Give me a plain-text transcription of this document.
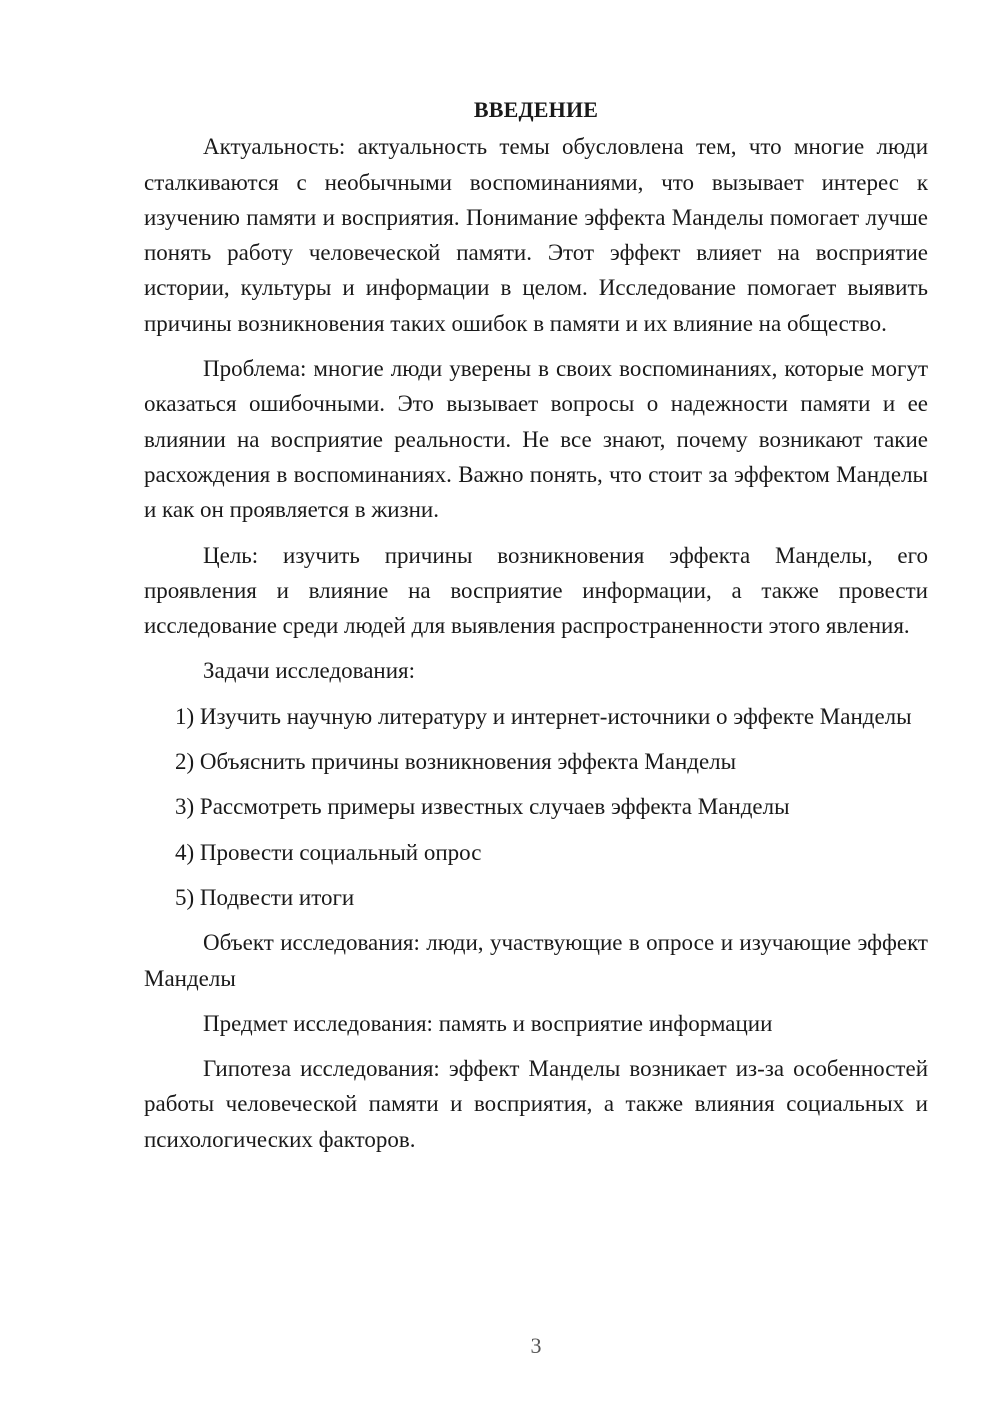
ВВЕДЕНИЕ

Актуальность: актуальность темы обусловлена тем, что многие люди сталкиваются с необычными воспоминаниями, что вызывает интерес к изучению памяти и восприятия. Понимание эффекта Манделы помогает лучше понять работу человеческой памяти. Этот эффект влияет на восприятие истории, культуры и информации в целом. Исследование помогает выявить причины возникновения таких ошибок в памяти и их влияние на общество.

Проблема: многие люди уверены в своих воспоминаниях, которые могут оказаться ошибочными. Это вызывает вопросы о надежности памяти и ее влиянии на восприятие реальности. Не все знают, почему возникают такие расхождения в воспоминаниях. Важно понять, что стоит за эффектом Манделы и как он проявляется в жизни.

Цель: изучить причины возникновения эффекта Манделы, его проявления и влияние на восприятие информации, а также провести исследование среди людей для выявления распространенности этого явления.

Задачи исследования:

1) Изучить научную литературу и интернет-источники о эффекте Манделы

2) Объяснить причины возникновения эффекта Манделы

3) Рассмотреть примеры известных случаев эффекта Манделы

4) Провести социальный опрос

5) Подвести итоги

Объект исследования: люди, участвующие в опросе и изучающие эффект Манделы

Предмет исследования: память и восприятие информации

Гипотеза исследования: эффект Манделы возникает из-за особенностей работы человеческой памяти и восприятия, а также влияния социальных и психологических факторов.

3
